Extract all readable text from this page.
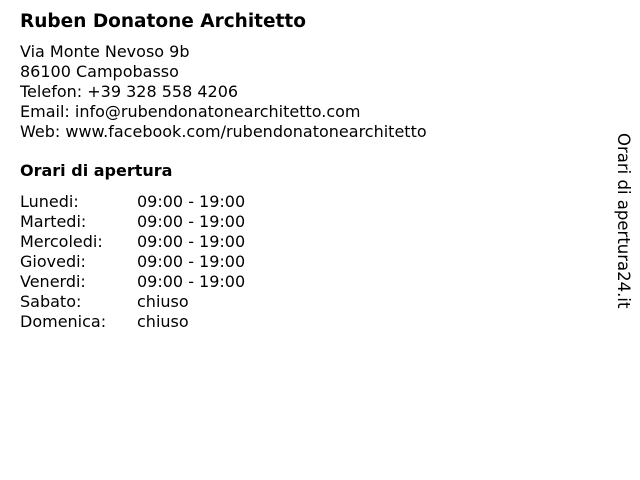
Ruben Donatone Architetto
Via Monte Nevoso 9b
86100 Campobasso
Telefon: +39 328 558 4206
Email: info@rubendonatonearchitetto.com
Web: www.facebook.com/rubendonatonearchitetto
Orari di apertura
Lunedi:	09:00 - 19:00
Martedi:	09:00 - 19:00
Mercoledi:	09:00 - 19:00
Giovedi:	09:00 - 19:00
Venerdi:	09:00 - 19:00
Sabato:	chiuso
Domenica:	chiuso
Orari di apertura24.it
